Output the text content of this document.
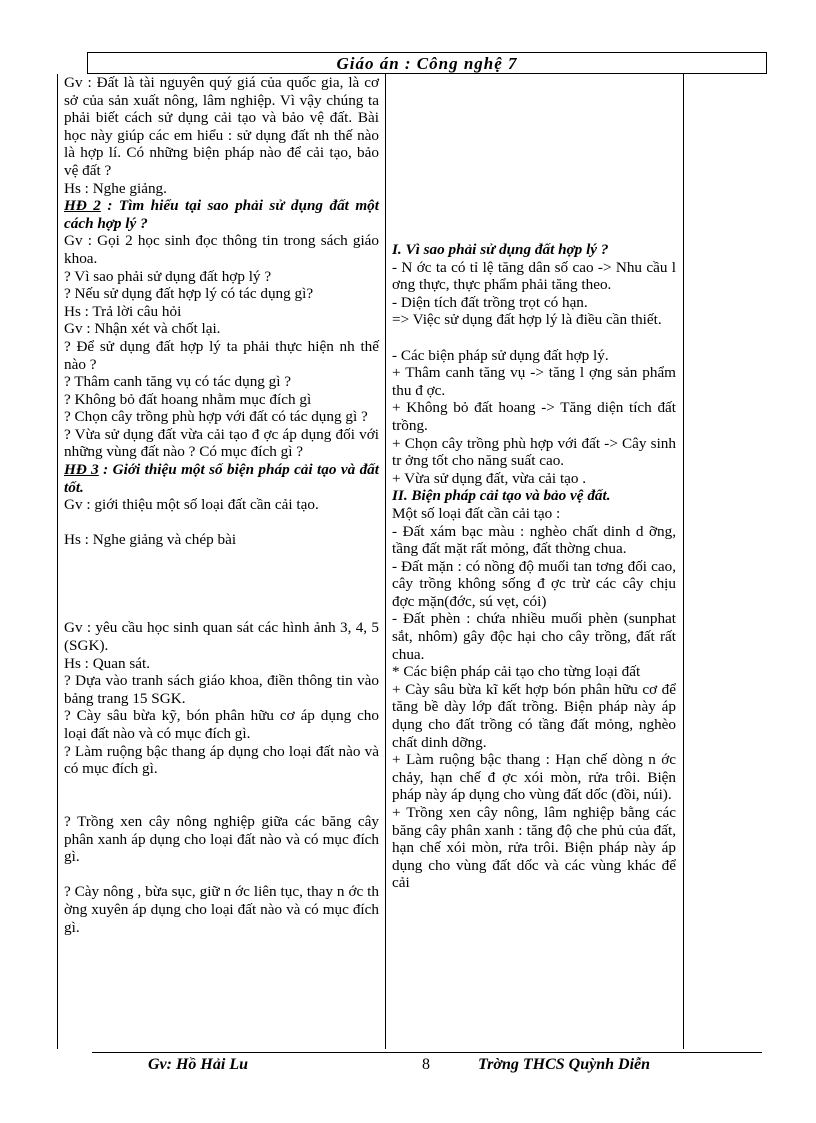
Giáo án : Công nghệ 7

Gv : Đất là tài nguyên quý giá của quốc gia, là cơ sở của sản xuất nông, lâm nghiệp. Vì vậy chúng ta phải biết cách sử dụng cải tạo và bảo vệ đất. Bài học này giúp các em hiểu : sử dụng đất nh thế nào là hợp lí. Có những biện pháp nào để cải tạo, bảo vệ đất ?

Hs : Nghe giảng.

HĐ 2 : Tìm hiểu tại sao phải sử dụng đất một cách hợp lý ?

Gv : Gọi 2 học sinh đọc thông tin trong sách giáo khoa.

? Vì sao phải sử dụng đất hợp lý ?

? Nếu sử dụng đất hợp lý có tác dụng gì?

Hs : Trả lời câu hỏi

Gv : Nhận xét và chốt lại.

? Để sử dụng đất hợp lý ta phải thực hiện nh thế nào ?

? Thâm canh tăng vụ có tác dụng gì ?

? Không bỏ đất hoang nhằm mục đích gì

? Chọn cây trồng phù hợp với đất có tác dụng gì ?

? Vừa sử dụng đất vừa cải tạo đ ợc áp dụng đối với những vùng đất nào ? Có mục đích gì ?

HĐ 3 : Giới thiệu một số biện pháp cải tạo và đất tốt.

Gv : giới thiệu một số loại đất cần cải tạo.

Hs : Nghe giảng và chép bài

Gv : yêu cầu học sinh quan sát các hình ảnh 3, 4, 5 (SGK).

Hs : Quan sát.

? Dựa vào tranh sách giáo khoa, điền thông tin vào bảng trang 15 SGK.

? Cày sâu bừa kỹ, bón phân hữu cơ áp dụng cho loại đất nào và có mục đích gì.

? Làm ruộng bậc thang áp dụng cho loại đất nào và có mục đích gì.

? Trồng xen cây nông nghiệp giữa các băng cây phân xanh áp dụng cho loại đất nào và có mục đích gì.

? Cày nông , bừa sục, giữ n ớc liên tục, thay n ớc th ờng xuyên áp dụng cho loại đất nào và có mục đích gì.

I. Vì sao phải sử dụng đất hợp lý ?

- N ớc ta có tỉ lệ tăng dân số cao -> Nhu cầu l ơng thực, thực phẩm phải tăng theo.

- Diện tích đất trồng trọt có hạn.

=> Việc sử dụng đất hợp lý là điều cần thiết.

- Các biện pháp sử dụng đất hợp lý.

+ Thâm canh tăng vụ -> tăng l ợng sản phẩm thu đ ợc.

+ Không bỏ đất hoang -> Tăng diện tích đất trồng.

+ Chọn cây trồng phù hợp với đất -> Cây sinh tr ởng tốt cho năng suất cao.

+ Vừa sử dụng đất, vừa cải tạo .

II. Biện pháp cải tạo và bảo vệ đất.

Một số loại đất cần cải tạo :

- Đất xám bạc màu : nghèo chất dinh d ỡng, tầng đất mặt rất mỏng, đất thờng chua.

- Đất mặn : có nồng độ muối tan tơng đối cao, cây trồng không sống đ ợc trừ các cây chịu đợc mặn(đớc, sú vẹt, cói)

- Đất phèn : chứa nhiều muối phèn (sunphat sắt, nhôm) gây độc hại cho cây trồng, đất rất chua.

* Các biện pháp cải tạo cho từng loại đất

+ Cày sâu bừa kĩ kết hợp bón phân hữu cơ để tăng bề dày lớp đất trồng. Biện pháp này áp dụng cho đất trồng có tầng đất mỏng, nghèo chất dinh dỡng.

+ Làm ruộng bậc thang : Hạn chế dòng n ớc chảy, hạn chế đ ợc xói mòn, rửa trôi. Biện pháp này áp dụng cho vùng đất dốc (đồi, núi).

+ Trồng xen cây nông, lâm nghiệp bằng các băng cây phân xanh : tăng độ che phủ của đất, hạn chế xói mòn, rửa trôi. Biện pháp này áp dụng cho vùng đất dốc và các vùng khác để cải

Gv: Hồ Hải Lu	8	Trờng THCS Quỳnh Diễn
